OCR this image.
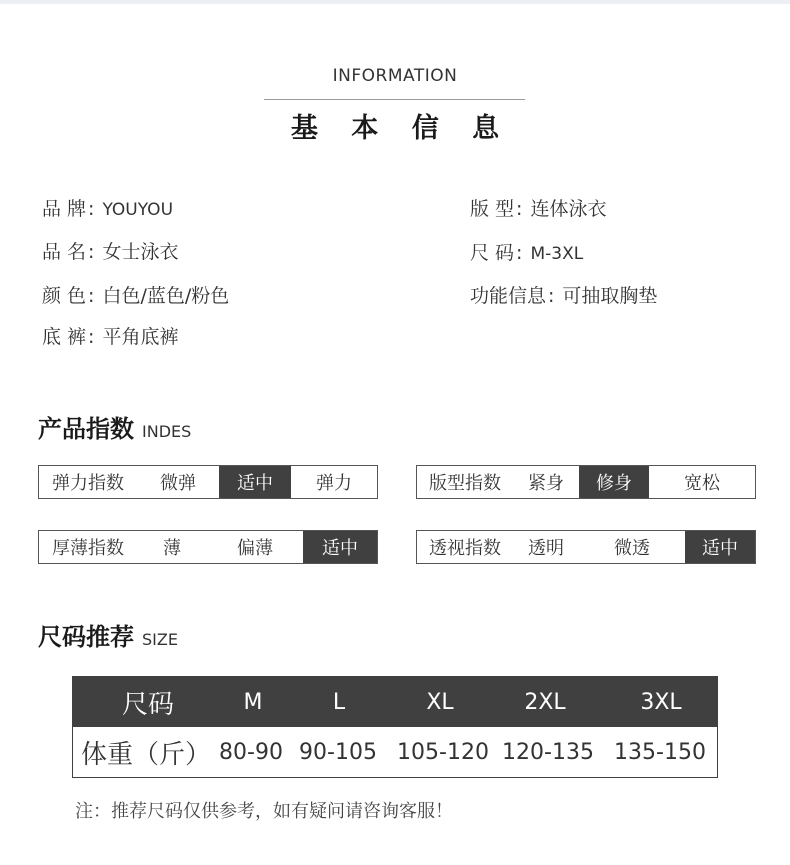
INFORMATION
基 本 信 息
品 牌 : YOUYOU	版 型 : 连体泳衣
品 名 : 女士泳衣	尺 码 : M-3XL
颜 色 : 白色/蓝色/粉色	功能信息 : 可抽取胸垫
底 裤 : 平角底裤
产品指数 INDES
弹力指数	微弹	适中	弹力	版型指数	紧身	修身	宽松
厚薄指数	薄	偏薄	适中	透视指数	透明	微透	适中
尺码推荐 SIZE
尺码	M	L	XL	2XL	3XL
体重（斤） 80-90 90-105 105-120 120-135 135-150
注：推荐尺码仅供参考，如有疑问请咨询客服！
